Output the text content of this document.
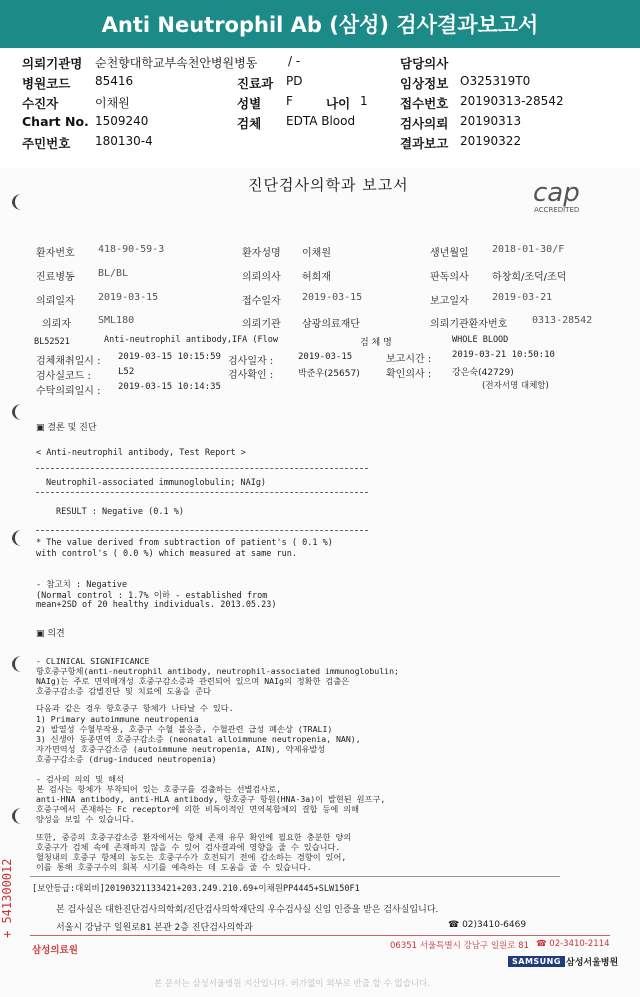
Anti Neutrophil Ab (삼성) 검사결과보고서
의뢰기관명 순천향대학교부속천안병원병동	/ -	담당의사
병원코드 85416	진료과 PD	임상정보 O325319T0
수진자	이채원	성별 F	나이 1	접수번호 20190313-28542
Chart No. 1509240	검체 EDTA Blood	검사의뢰 20190313
주민번호 180130-4	결과보고 20190322
진단검사의학과 보고서	cap
ACCREDITED
환자번호 418-90-59-3	환자성명 이채원	생년월일 2018-01-30/F
진료병동 BL/BL	의뢰의사 허희재	판독의사 하창희/조덕/조덕
의뢰일자 2019-03-15	접수일자 2019-03-15	보고일자 2019-03-21
의뢰자	SML180	의뢰기관 삼광의료재단	의뢰기관환자번호 0313-28542
BL52521	Anti-neutrophil antibody,IFA (Flow	검 체 명	WHOLE BLOOD
검체채취일시 : 2019-03-15 10:15:59 검사일자 :	2019-03-15	보고시간 : 2019-03-21 10:50:10
검사실코드 :	L52	검사확인 :	박준우(25657)	확인의사 : 강은숙(42729)
수탁의뢰일시 : 2019-03-15 10:14:35	(전자서명 대체함)
▣ 결론 및 진단
< Anti-neutrophil antibody, Test Report >
Neutrophil-associated immunoglobulin; NAIg)
RESULT : Negative (0.1 %)
* The value derived from subtraction of patient's ( 0.1 %)
with control's ( 0.0 %) which measured at same run.
- 참고치 : Negative
(Normal control : 1.7% 이하 - established from
mean+2SD of 20 healthy individuals. 2013.05.23)
▣ 의견
- CLINICAL SIGNIFICANCE
항호중구항체(anti-neutrophil antibody, neutrophil-associated immunoglobulin;
NAIg)는 주로 면역매개성 호중구감소증과 관련되어 있으며 NAIg의 정확한 검출은
호중구감소증 감별진단 및 치료에 도움을 준다
다음과 같은 경우 항호중구 항체가 나타날 수 있다.
1) Primary autoimmune neutropenia
2) 발열성 수혈부작용, 호중구 수혈 불응증, 수혈관련 급성 폐손상 (TRALI)
3) 신생아 동종면역 호중구감소증 (neonatal alloimmune neutropenia, NAN),
자가면역성 호중구감소증 (autoimmune neutropenia, AIN), 약제유발성
호중구감소증 (drug-induced neutropenia)
- 검사의 의의 및 해석
본 검사는 항체가 부착되어 있는 호중구를 검출하는 선별검사로,
anti-HNA antibody, anti-HLA antibody, 항호중구 항원(HNA-3a)이 발현된 원프구,
호중구에서 존재하는 Fc receptor에 의한 비특이적인 면역복합체의 결합 등에 의해
양성을 보일 수 있습니다.
또한, 중증의 호중구감소증 환자에서는 항체 존재 유무 확인에 필요한 충분한 양의
호중구가 검체 속에 존재하지 않을 수 있어 검사결과에 영향을 줄 수 있습니다.
혈청내의 호중구 항체의 농도는 호중구수가 호전되기 전에 감소하는 경향이 있어,
이를 통해 호중구수의 회복 시기를 예측하는 데 도움을 줄 수 있습니다.
+ 541300012 [보안등급:대외비]20190321133421+203.249.210.69+이채원PP4445+SLW150F1
본 검사실은 대한진단검사의학회/진단검사의학재단의 우수검사실 신임 인증을 받은 검사실입니다.
서울시 강남구 일원로81 본관 2층 진단검사의학과	☎ 02)3410-6469
삼성의료원	06351 서울특별시 강남구 일원로 81 ☎ 02-3410-2114
SAMSUNG 삼성서울병원
본 문서는 삼성서울병원 지산입니다. 허가없이 외부로 반출 할 수 없습니다.
